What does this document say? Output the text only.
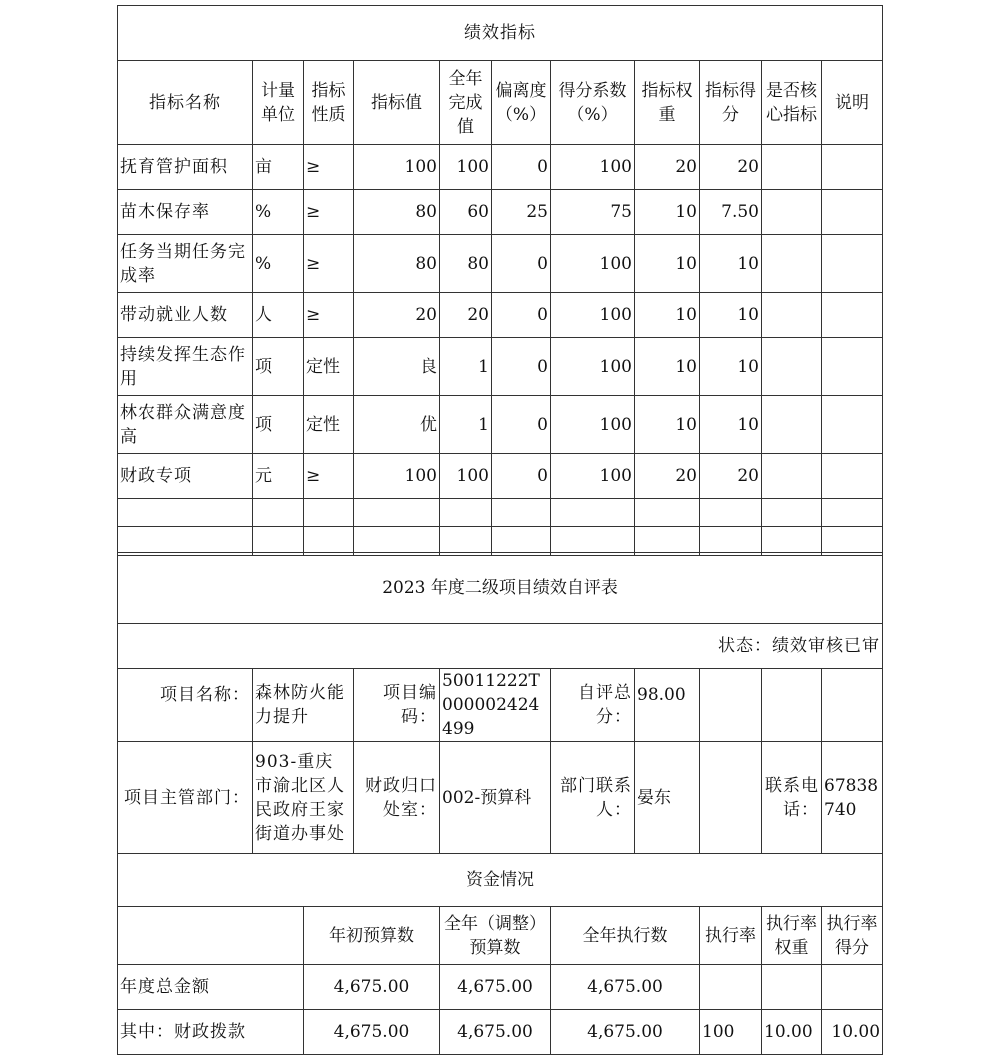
绩效指标										
指标名称	计量单位	指标性质	指标值	全年完成值	偏离度（%）	得分系数（%）	指标权重	指标得分	是否核心指标	说明
抚育管护面积	亩	≥	100	100	0	100	20	20		
苗木保存率	%	≥	80	60	25	75	10	7.50		
任务当期任务完成率	%	≥	80	80	0	100	10	10		
带动就业人数	人	≥	20	20	0	100	10	10		
持续发挥生态作用	项	定性	良	1	0	100	10	10		
林农群众满意度高	项	定性	优	1	0	100	10	10		
财政专项	元	≥	100	100	0	100	20	20		

2023 年度二级项目绩效自评表									
状态：绩效审核已审									
项目名称：	森林防火能力提升		项目编码：	50011222T000002424499	自评总分：	98.00			
项目主管部门：	903-重庆市渝北区人民政府王家街道办事处		财政归口处室：	002-预算科	部门联系人：	晏东		联系电话：	67838740
资金情况									
		年初预算数		全年（调整）预算数	全年执行数		执行率	执行率权重	执行率得分
年度总金额		4,675.00		4,675.00	4,675.00				
其中：财政拨款		4,675.00		4,675.00	4,675.00		100	10.00	10.00
